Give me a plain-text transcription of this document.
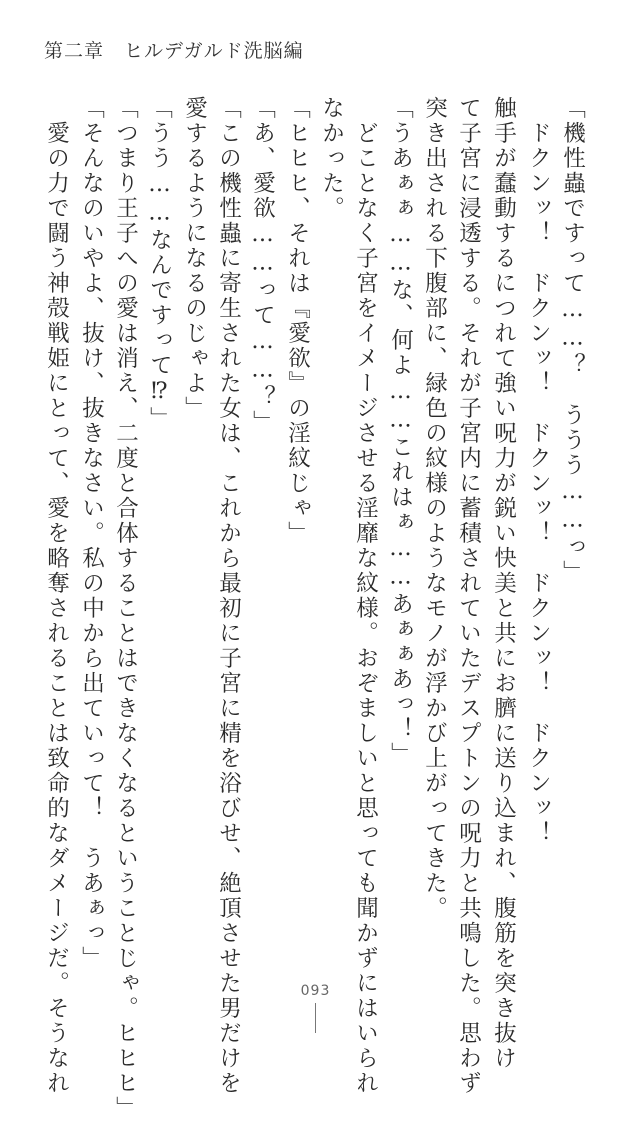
第二章　ヒルデガルド洗脳編
「機性蟲ですって……？　ううう……っ」
　ドクンッ！　ドクンッ！　ドクンッ！　ドクンッ！　ドクンッ！
触手が蠢動するにつれて強い呪力が鋭い快美と共にお臍に送り込まれ、腹筋を突き抜け
て子宮に浸透する。それが子宮内に蓄積されていたデスプトンの呪力と共鳴した。思わず
突き出される下腹部に、緑色の紋様のようなモノが浮かび上がってきた。
「うあぁぁ……な、何よ……これはぁ……あぁぁあっ！」
　どことなく子宮をイメージさせる淫靡な紋様。おぞましいと思っても聞かずにはいられ
なかった。
「ヒヒヒ、それは『愛欲』の淫紋じゃ」
「あ、愛欲……って……？」
「この機性蟲に寄生された女は、これから最初に子宮に精を浴びせ、絶頂させた男だけを
愛するようになるのじゃよ」
「うう……なんですって⁉」
「つまり王子への愛は消え、二度と合体することはできなくなるということじゃ。ヒヒヒ」
「そんなのいやよ、抜け、抜きなさい。私の中から出ていって！　うあぁっ」
　愛の力で闘う神殻戦姫にとって、愛を略奪されることは致命的なダメージだ。そうなれ	093
